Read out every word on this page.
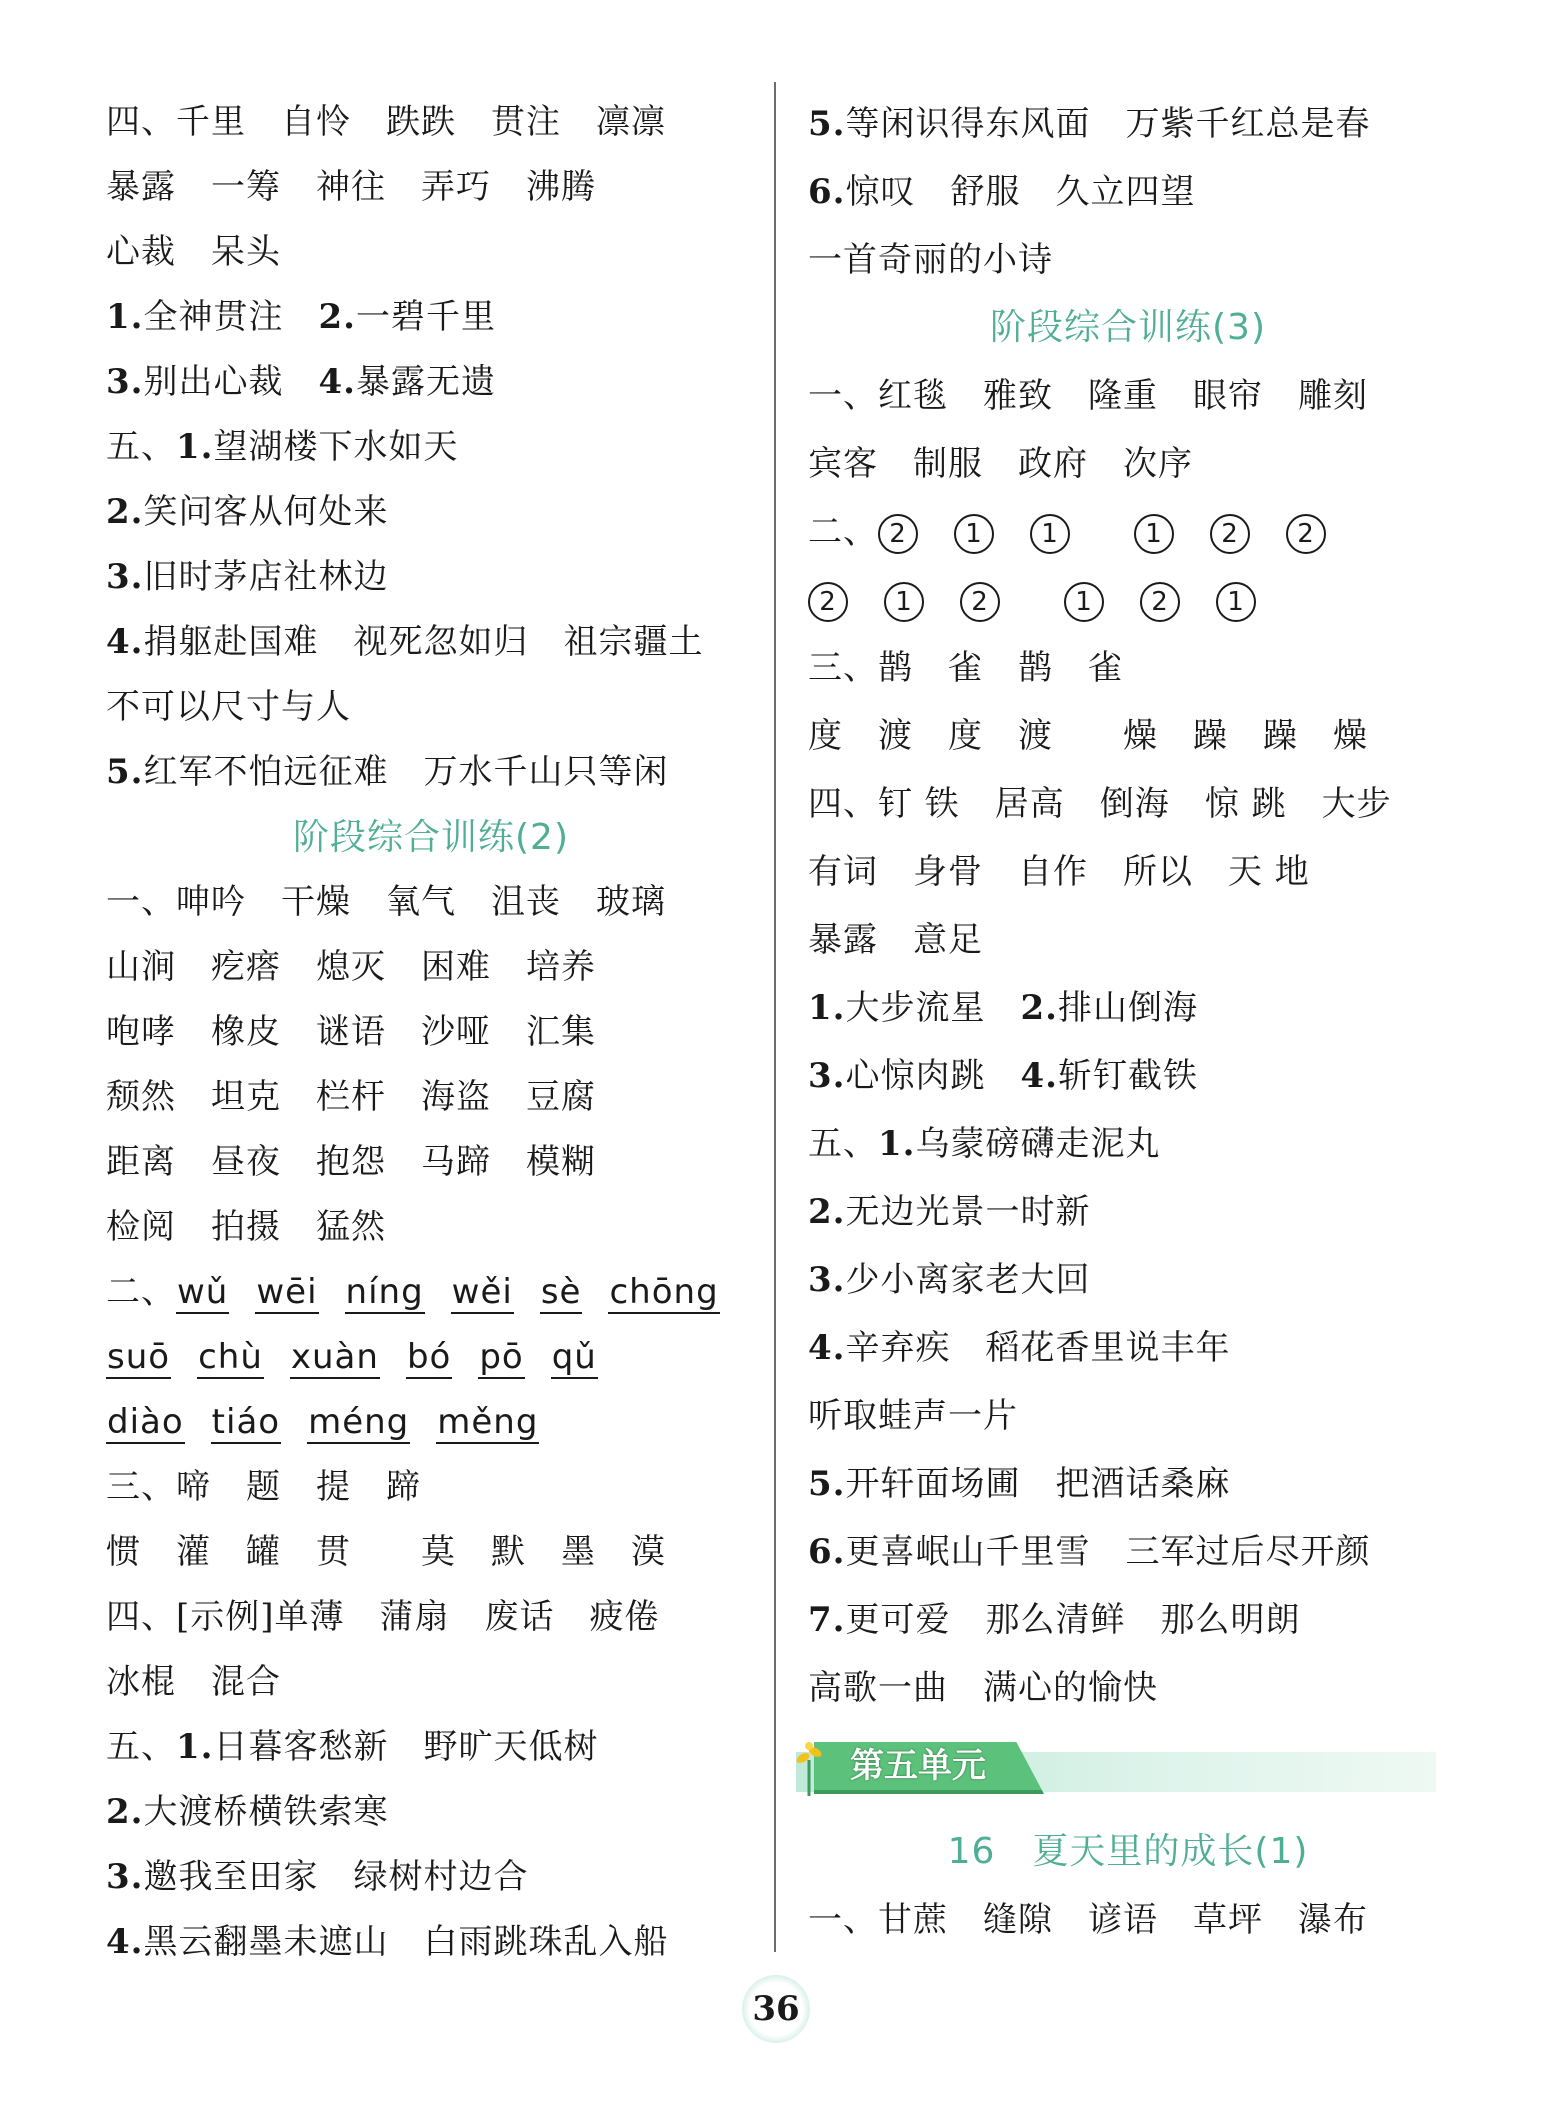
四、千里　自怜　跌跌　贯注　凛凛
暴露　一筹　神往　弄巧　沸腾
心裁　呆头
1.全神贯注　2.一碧千里
3.别出心裁　4.暴露无遗
五、1.望湖楼下水如天
2.笑问客从何处来
3.旧时茅店社林边
4.捐躯赴国难　视死忽如归　祖宗疆土
不可以尺寸与人
5.红军不怕远征难　万水千山只等闲
阶段综合训练(2)
一、呻吟　干燥　氧气　沮丧　玻璃
山涧　疙瘩　熄灭　困难　培养
咆哮　橡皮　谜语　沙哑　汇集
颓然　坦克　栏杆　海盗　豆腐
距离　昼夜　抱怨　马蹄　模糊
检阅　拍摄　猛然
二、wǔ wēi níng wěi sè chōng
suō chù xuàn bó pō qǔ
diào tiáo méng měng
三、啼　题　提　蹄
惯　灌　罐　贯　　莫　默　墨　漠
四、[示例]单薄　蒲扇　废话　疲倦
冰棍　混合
五、1.日暮客愁新　野旷天低树
2.大渡桥横铁索寒
3.邀我至田家　绿树村边合
4.黑云翻墨未遮山　白雨跳珠乱入船
5.等闲识得东风面　万紫千红总是春
6.惊叹　舒服　久立四望
一首奇丽的小诗
阶段综合训练(3)
一、红毯　雅致　隆重　眼帘　雕刻
宾客　制服　政府　次序
二、 2 1 1	1 2 2
2 1 2	1 2 1
三、鹊　雀　鹊　雀
度　渡　度　渡　　燥　躁　躁　燥
四、钉 铁　居高　倒海　惊 跳　大步
有词　身骨　自作　所以　天 地
暴露　意足
1.大步流星　2.排山倒海
3.心惊肉跳　4.斩钉截铁
五、1.乌蒙磅礴走泥丸
2.无边光景一时新
3.少小离家老大回
4.辛弃疾　稻花香里说丰年
听取蛙声一片
5.开轩面场圃　把酒话桑麻
6.更喜岷山千里雪　三军过后尽开颜
7.更可爱　那么清鲜　那么明朗
高歌一曲　满心的愉快
第五单元
16　夏天里的成长(1)
一、甘蔗　缝隙　谚语　草坪　瀑布
36
